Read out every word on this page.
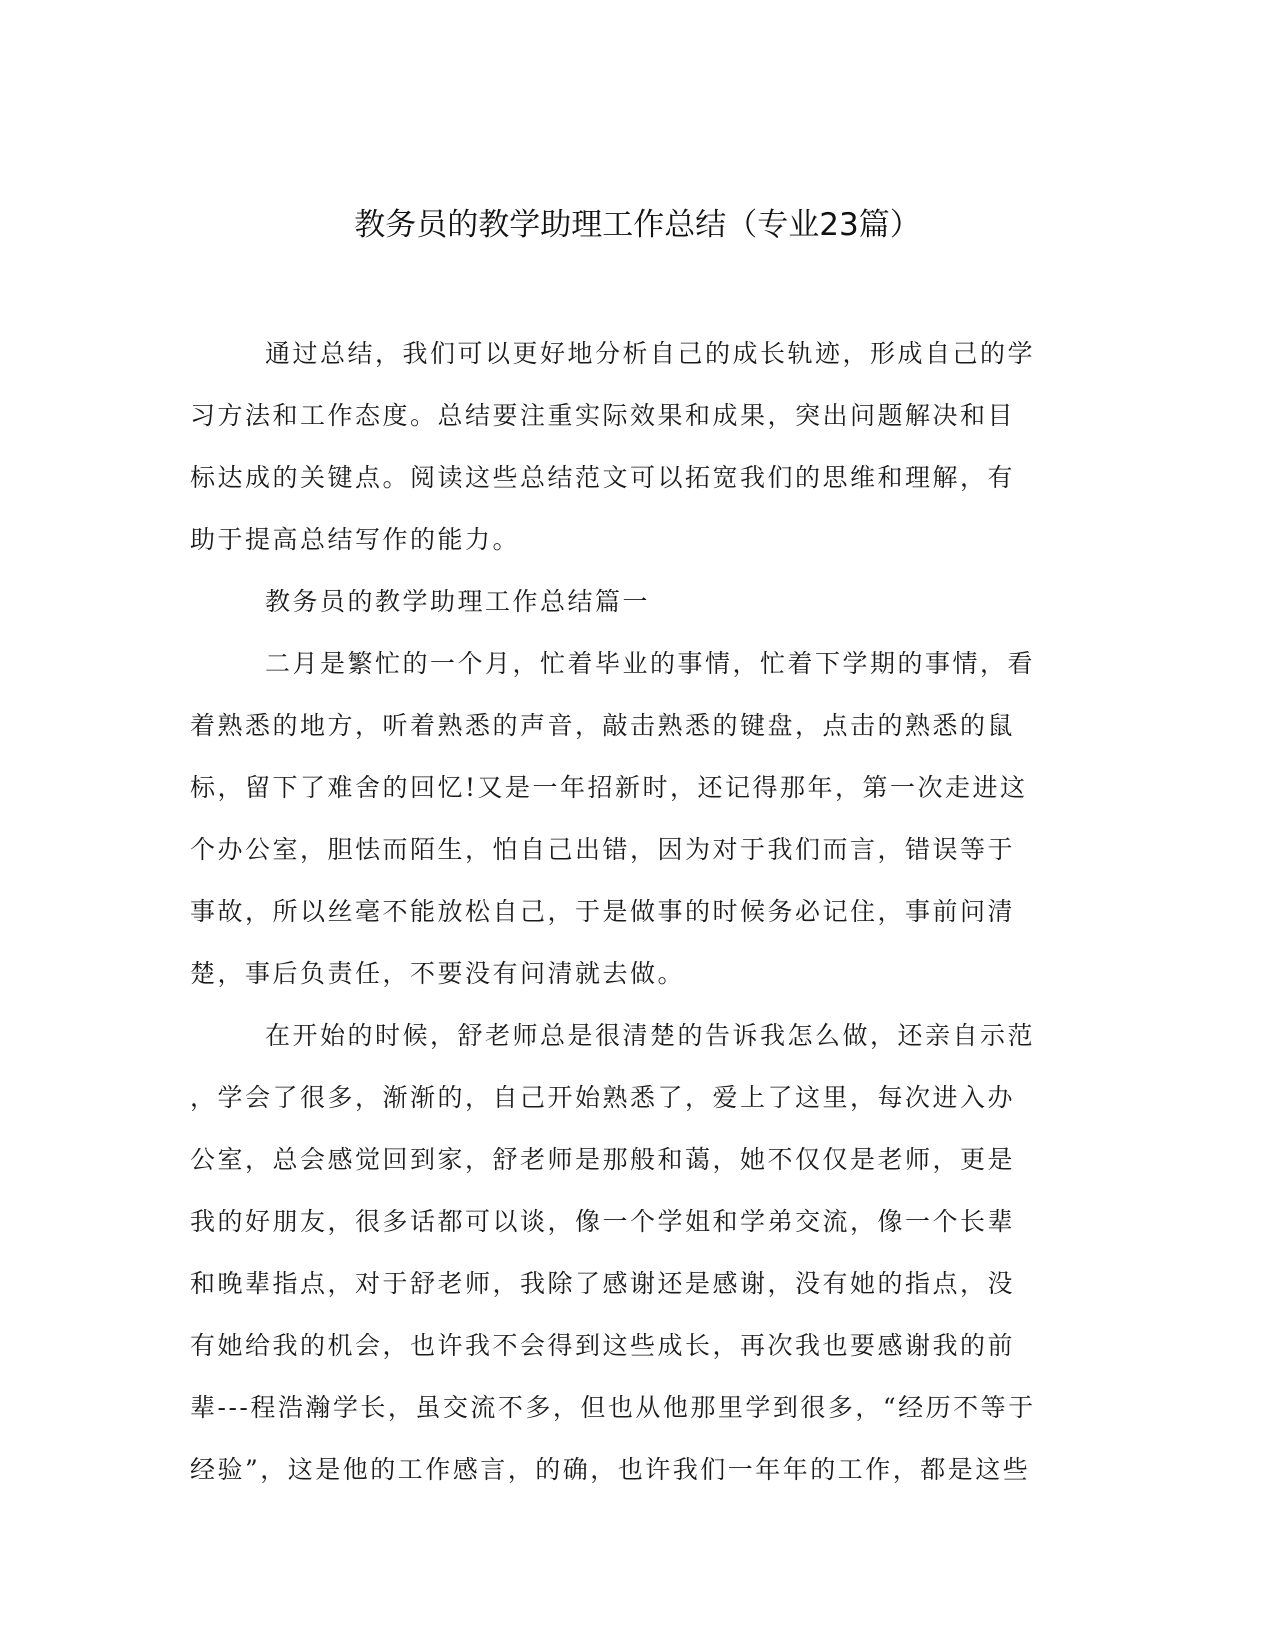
教务员的教学助理工作总结（专业23篇）

通过总结，我们可以更好地分析自己的成长轨迹，形成自己的学
习方法和工作态度。总结要注重实际效果和成果，突出问题解决和目
标达成的关键点。阅读这些总结范文可以拓宽我们的思维和理解，有
助于提高总结写作的能力。

教务员的教学助理工作总结篇一

二月是繁忙的一个月，忙着毕业的事情，忙着下学期的事情，看
着熟悉的地方，听着熟悉的声音，敲击熟悉的键盘，点击的熟悉的鼠
标，留下了难舍的回忆!又是一年招新时，还记得那年，第一次走进这
个办公室，胆怯而陌生，怕自己出错，因为对于我们而言，错误等于
事故，所以丝毫不能放松自己，于是做事的时候务必记住，事前问清
楚，事后负责任，不要没有问清就去做。

在开始的时候，舒老师总是很清楚的告诉我怎么做，还亲自示范
，学会了很多，渐渐的，自己开始熟悉了，爱上了这里，每次进入办
公室，总会感觉回到家，舒老师是那般和蔼，她不仅仅是老师，更是
我的好朋友，很多话都可以谈，像一个学姐和学弟交流，像一个长辈
和晚辈指点，对于舒老师，我除了感谢还是感谢，没有她的指点，没
有她给我的机会，也许我不会得到这些成长，再次我也要感谢我的前
辈---程浩瀚学长，虽交流不多，但也从他那里学到很多，“经历不等于
经验”，这是他的工作感言，的确，也许我们一年年的工作，都是这些
